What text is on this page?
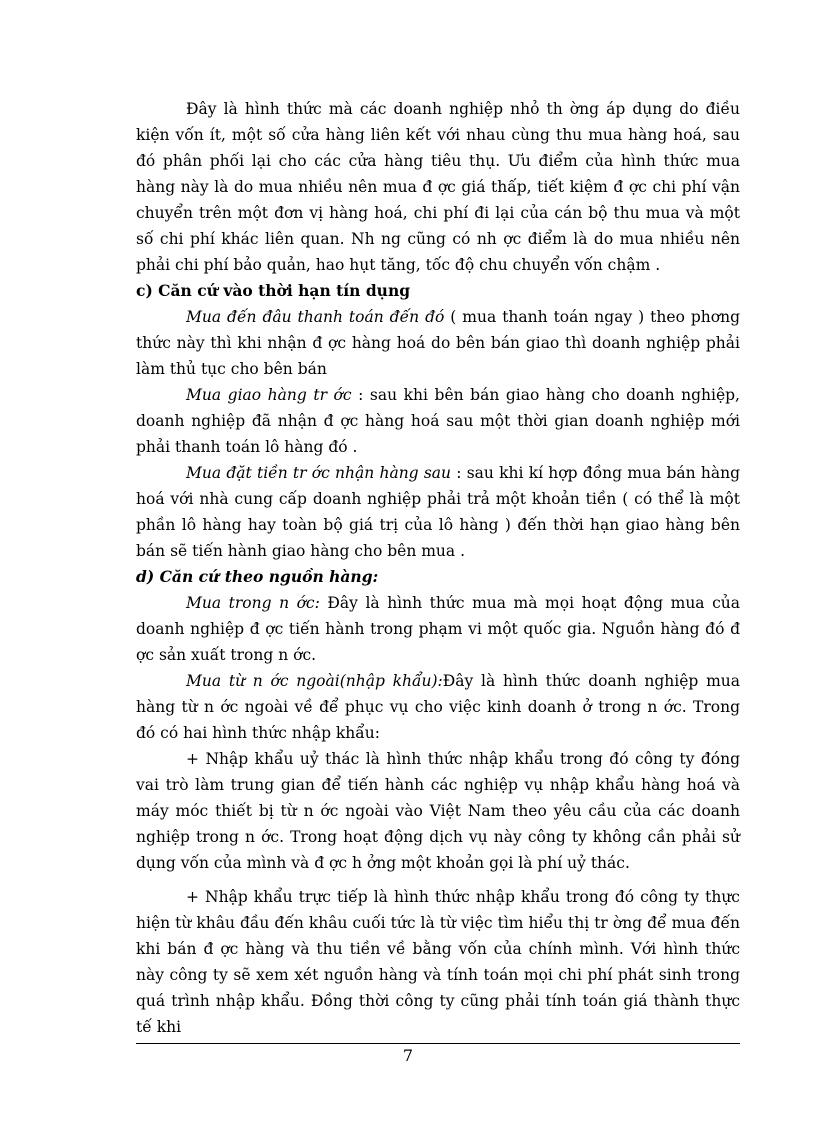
Đây là hình thức mà các doanh nghiệp nhỏ th ờng áp dụng do điều kiện vốn ít, một số cửa hàng liên kết với nhau cùng thu mua hàng hoá, sau đó phân phối lại cho các cửa hàng tiêu thụ. Ưu điểm của hình thức mua hàng này là do mua nhiều nên mua đ ợc giá thấp, tiết kiệm đ ợc chi phí vận chuyển trên một đơn vị hàng hoá, chi phí đi lại của cán bộ thu mua và một số chi phí khác liên quan. Nh ng cũng có nh ợc điểm là do mua nhiều nên phải chi phí bảo quản, hao hụt tăng, tốc độ chu chuyển vốn chậm .

c) Căn cứ vào thời hạn tín dụng

Mua đến đâu thanh toán đến đó ( mua thanh toán ngay ) theo phơng thức này thì khi nhận đ ợc hàng hoá do bên bán giao thì doanh nghiệp phải làm thủ tục cho bên bán

Mua giao hàng tr ớc : sau khi bên bán giao hàng cho doanh nghiệp, doanh nghiệp đã nhận đ ợc hàng hoá sau một thời gian doanh nghiệp mới phải thanh toán lô hàng đó .

Mua đặt tiền tr ớc nhận hàng sau : sau khi kí hợp đồng mua bán hàng hoá với nhà cung cấp doanh nghiệp phải trả một khoản tiền ( có thể là một phần lô hàng hay toàn bộ giá trị của lô hàng ) đến thời hạn giao hàng bên bán sẽ tiến hành giao hàng cho bên mua .

d) Căn cứ theo nguồn hàng:

Mua trong n ớc: Đây là hình thức mua mà mọi hoạt động mua của doanh nghiệp đ ợc tiến hành trong phạm vi một quốc gia. Nguồn hàng đó đ ợc sản xuất trong n ớc.

Mua từ n ớc ngoài(nhập khẩu):Đây là hình thức doanh nghiệp mua hàng từ n ớc ngoài về để phục vụ cho việc kinh doanh ở trong n ớc. Trong đó có hai hình thức nhập khẩu:

+ Nhập khẩu uỷ thác là hình thức nhập khẩu trong đó công ty đóng vai trò làm trung gian để tiến hành các nghiệp vụ nhập khẩu hàng hoá và máy móc thiết bị từ n ớc ngoài vào Việt Nam theo yêu cầu của các doanh nghiệp trong n ớc. Trong hoạt động dịch vụ này công ty không cần phải sử dụng vốn của mình và đ ợc h ởng một khoản gọi là phí uỷ thác.

+ Nhập khẩu trực tiếp là hình thức nhập khẩu trong đó công ty thực hiện từ khâu đầu đến khâu cuối tức là từ việc tìm hiểu thị tr ờng để mua đến khi bán đ ợc hàng và thu tiền về bằng vốn của chính mình. Với hình thức này công ty sẽ xem xét nguồn hàng và tính toán mọi chi phí phát sinh trong quá trình nhập khẩu. Đồng thời công ty cũng phải tính toán giá thành thực tế khi

7
